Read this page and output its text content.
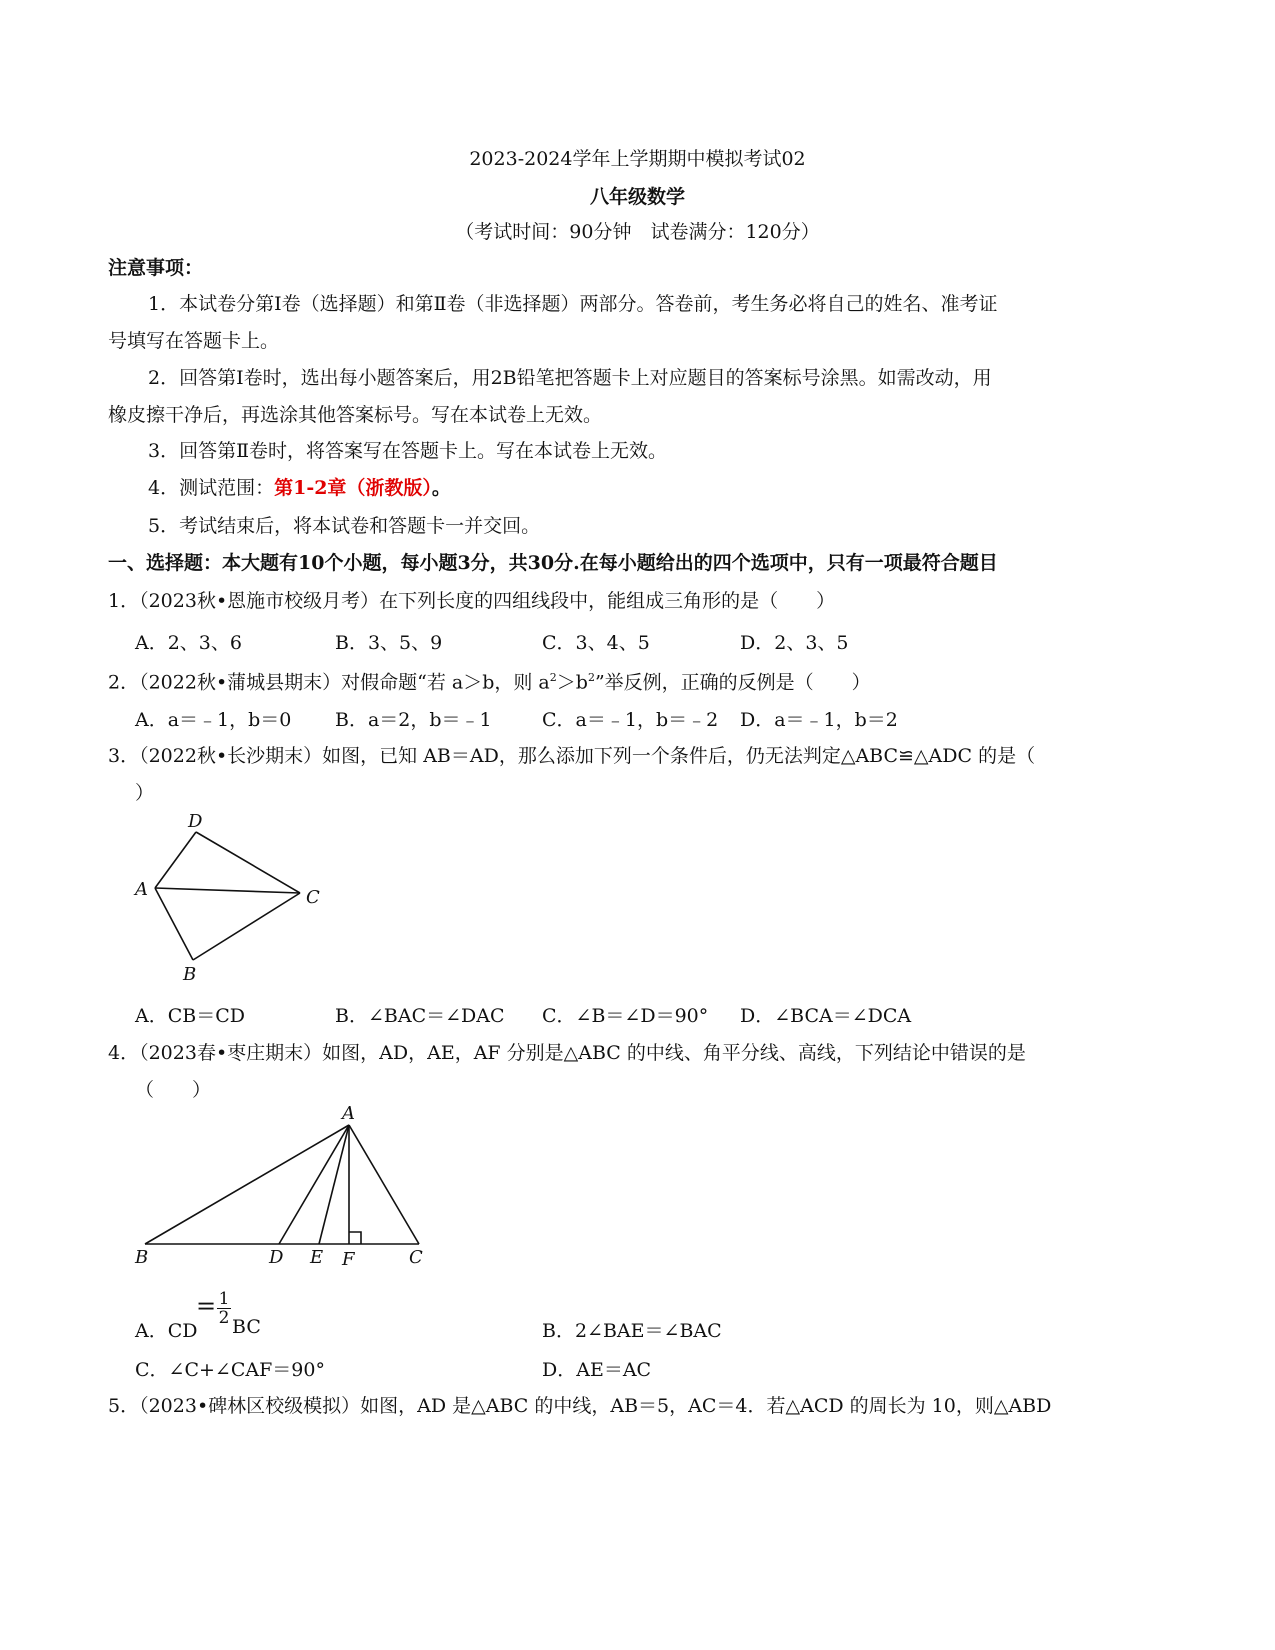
2023-2024学年上学期期中模拟考试02
八年级数学
（考试时间：90分钟　试卷满分：120分）
注意事项：
1．本试卷分第Ⅰ卷（选择题）和第Ⅱ卷（非选择题）两部分。答卷前，考生务必将自己的姓名、准考证
号填写在答题卡上。
2．回答第Ⅰ卷时，选出每小题答案后，用2B铅笔把答题卡上对应题目的答案标号涂黑。如需改动，用
橡皮擦干净后，再选涂其他答案标号。写在本试卷上无效。
3．回答第Ⅱ卷时，将答案写在答题卡上。写在本试卷上无效。
4．测试范围：第1-2章（浙教版）。
5．考试结束后，将本试卷和答题卡一并交回。
一、选择题：本大题有10个小题，每小题3分，共30分.在每小题给出的四个选项中，只有一项最符合题目
1．（2023秋•恩施市校级月考）在下列长度的四组线段中，能组成三角形的是（　　）
A．2、3、6	B．3、5、9	C．3、4、5	D．2、3、5
2．（2022秋•蒲城县期末）对假命题“若 a＞b，则 $a^2>b^2$”举反例，正确的反例是（　　）
A．a＝﹣1，b＝0 B．a＝2，b＝﹣1	C．a＝﹣1，b＝﹣2 D．a＝﹣1，b＝2
3．（2022秋•长沙期末）如图，已知 AB＝AD，那么添加下列一个条件后，仍无法判定△ABC≌△ADC 的是（
）
D
A	C
B
A．CB＝CD	B．∠BAC＝∠DAC C．∠B＝∠D＝90° D．∠BCA＝∠DCA
4．（2023春•枣庄期末）如图，AD，AE，AF 分别是△ABC 的中线、角平分线、高线，下列结论中错误的是
（　　）
A
B	D E F	C
A．CD
= $\frac{1}{2}$ BC	B．2∠BAE＝∠BAC
C．∠C+∠CAF＝90°	D．AE＝AC
5．（2023•碑林区校级模拟）如图，AD 是△ABC 的中线，AB＝5，AC＝4．若△ACD 的周长为 10，则△ABD
